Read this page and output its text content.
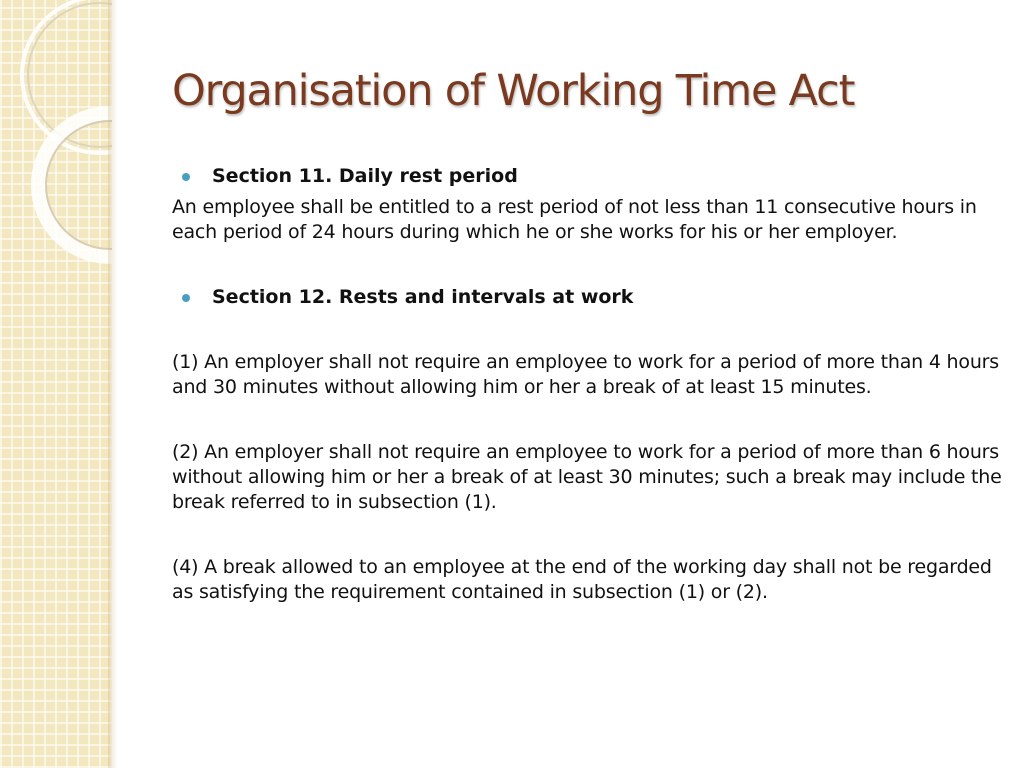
Organisation of Working Time Act
Section 11. Daily rest period

An employee shall be entitled to a rest period of not less than 11 consecutive hours in each period of 24 hours during which he or she works for his or her employer.

Section 12. Rests and intervals at work

(1) An employer shall not require an employee to work for a period of more than 4 hours and 30 minutes without allowing him or her a break of at least 15 minutes.

(2) An employer shall not require an employee to work for a period of more than 6 hours without allowing him or her a break of at least 30 minutes; such a break may include the break referred to in subsection (1).

(4) A break allowed to an employee at the end of the working day shall not be regarded as satisfying the requirement contained in subsection (1) or (2).
